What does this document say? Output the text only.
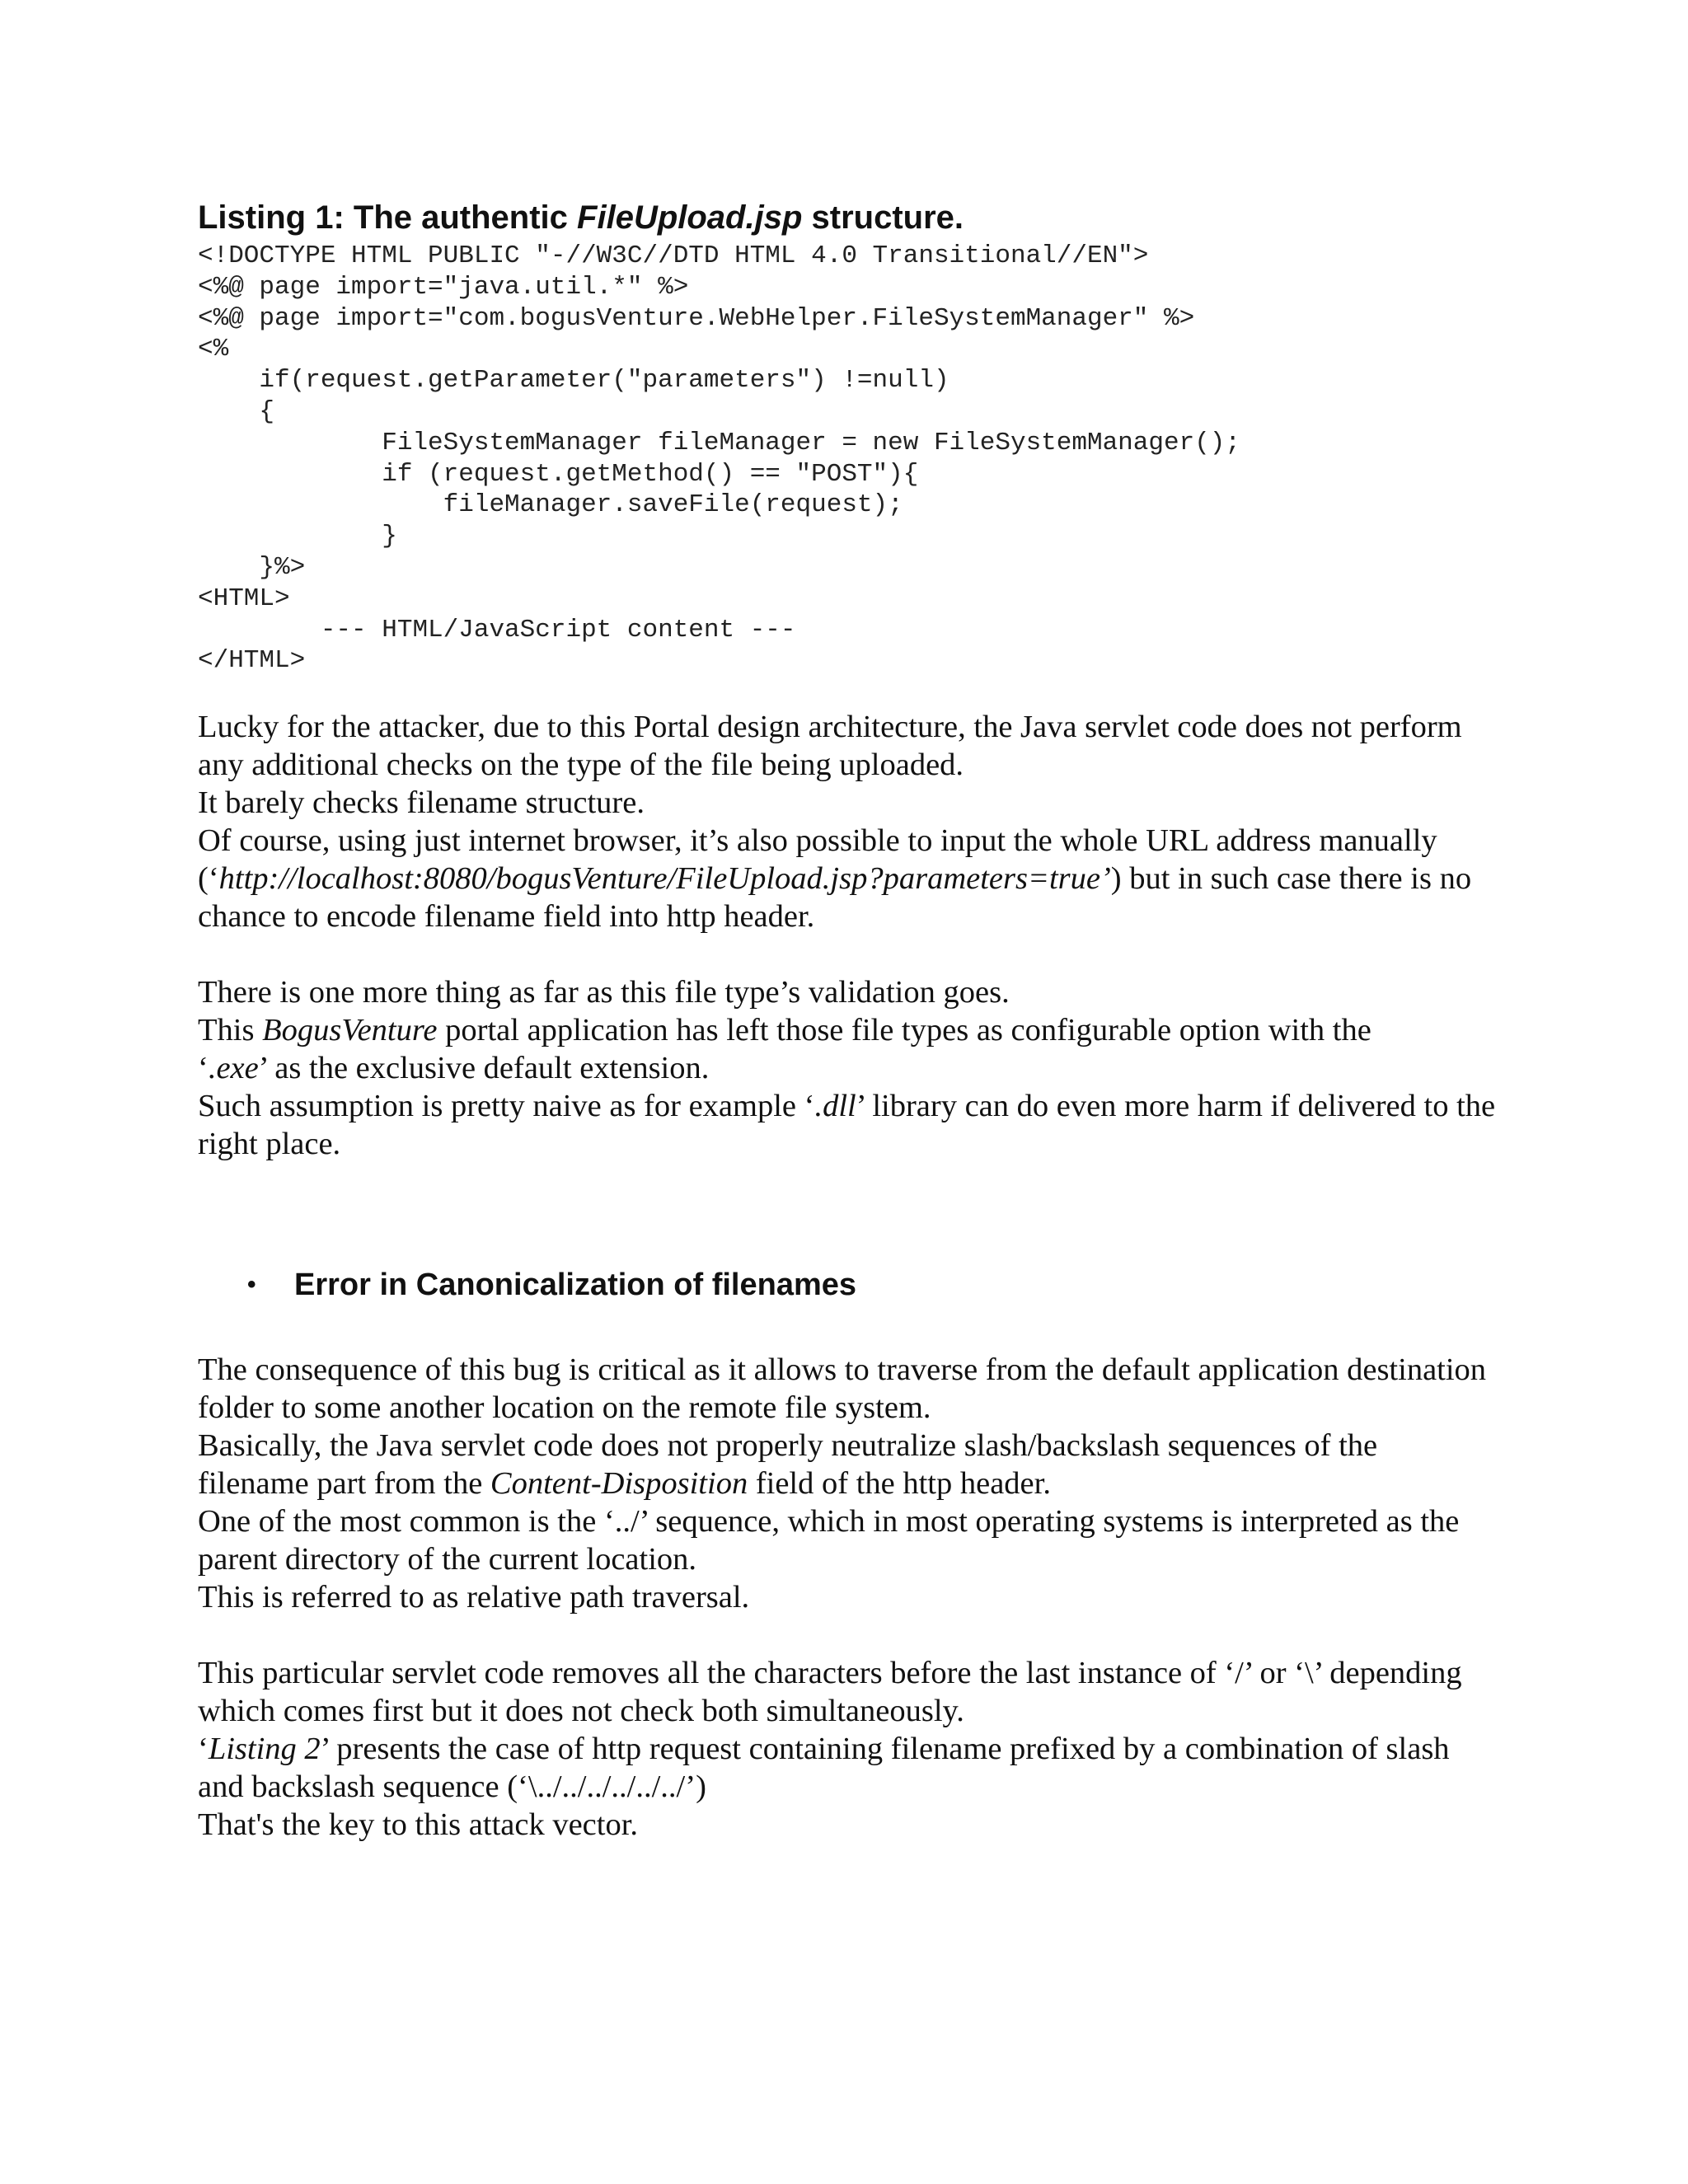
Listing 1: The authentic FileUpload.jsp structure.
<!DOCTYPE HTML PUBLIC "-//W3C//DTD HTML 4.0 Transitional//EN">
<%@ page import="java.util.*" %>
<%@ page import="com.bogusVenture.WebHelper.FileSystemManager" %>
<%
if(request.getParameter("parameters") !=null)
{
FileSystemManager fileManager = new FileSystemManager();
if (request.getMethod() == "POST"){
fileManager.saveFile(request);
}
}%>
<HTML>
--- HTML/JavaScript content ---
</HTML>

Lucky for the attacker, due to this Portal design architecture, the Java servlet code does not perform any additional checks on the type of the file being uploaded.

It barely checks filename structure.

Of course, using just internet browser, it’s also possible to input the whole URL address manually (‘http://localhost:8080/bogusVenture/FileUpload.jsp?parameters=true’) but in such case there is no chance to encode filename field into http header.

There is one more thing as far as this file type’s validation goes.

This BogusVenture portal application has left those file types as configurable option with the

‘.exe’ as the exclusive default extension.

Such assumption is pretty naive as for example ‘.dll’ library can do even more harm if delivered to the right place.

• Error in Canonicalization of filenames

The consequence of this bug is critical as it allows to traverse from the default application destination folder to some another location on the remote file system.

Basically, the Java servlet code does not properly neutralize slash/backslash sequences of the

filename part from the Content-Disposition field of the http header.

One of the most common is the ‘../’ sequence, which in most operating systems is interpreted as the parent directory of the current location.

This is referred to as relative path traversal.

This particular servlet code removes all the characters before the last instance of ‘/’ or ‘\’ depending which comes first but it does not check both simultaneously.

‘Listing 2’ presents the case of http request containing filename prefixed by a combination of slash and backslash sequence (‘\../../../../../../’)

That's the key to this attack vector.
